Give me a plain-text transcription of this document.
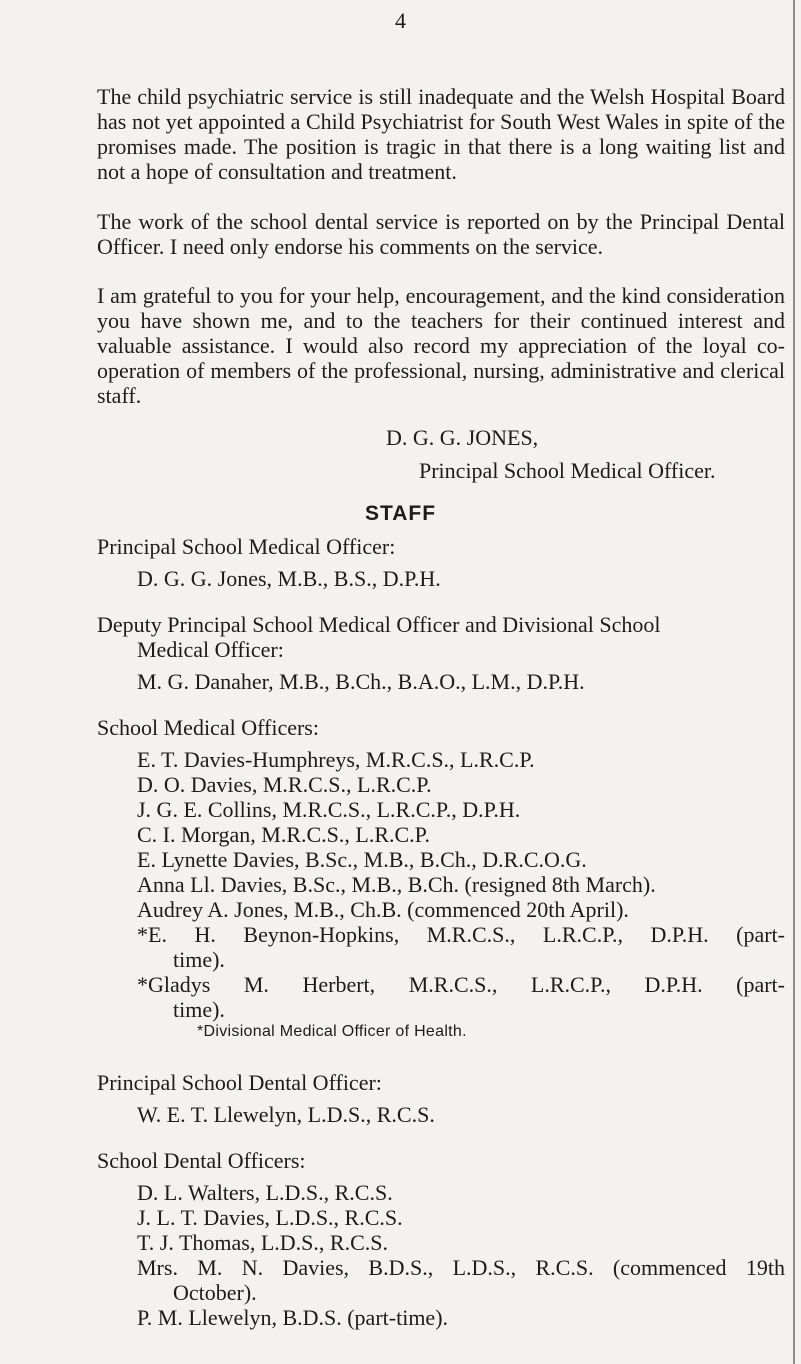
4
The child psychiatric service is still inadequate and the Welsh Hospital Board has not yet appointed a Child Psychiatrist for South West Wales in spite of the promises made. The position is tragic in that there is a long waiting list and not a hope of consultation and treatment.
The work of the school dental service is reported on by the Principal Dental Officer. I need only endorse his comments on the service.
I am grateful to you for your help, encouragement, and the kind consideration you have shown me, and to the teachers for their continued interest and valuable assistance. I would also record my appreciation of the loyal co-operation of members of the professional, nursing, administrative and clerical staff.
D. G. G. JONES,
Principal School Medical Officer.
STAFF
Principal School Medical Officer:
D. G. G. Jones, M.B., B.S., D.P.H.
Deputy Principal School Medical Officer and Divisional School
Medical Officer:
M. G. Danaher, M.B., B.Ch., B.A.O., L.M., D.P.H.
School Medical Officers:
E. T. Davies-Humphreys, M.R.C.S., L.R.C.P.
D. O. Davies, M.R.C.S., L.R.C.P.
J. G. E. Collins, M.R.C.S., L.R.C.P., D.P.H.
C. I. Morgan, M.R.C.S., L.R.C.P.
E. Lynette Davies, B.Sc., M.B., B.Ch., D.R.C.O.G.
Anna Ll. Davies, B.Sc., M.B., B.Ch. (resigned 8th March).
Audrey A. Jones, M.B., Ch.B. (commenced 20th April).
*E. H. Beynon-Hopkins, M.R.C.S., L.R.C.P., D.P.H. (part-
time).
*Gladys M. Herbert, M.R.C.S., L.R.C.P., D.P.H. (part-
time).
*Divisional Medical Officer of Health.
Principal School Dental Officer:
W. E. T. Llewelyn, L.D.S., R.C.S.
School Dental Officers:
D. L. Walters, L.D.S., R.C.S.
J. L. T. Davies, L.D.S., R.C.S.
T. J. Thomas, L.D.S., R.C.S.
Mrs. M. N. Davies, B.D.S., L.D.S., R.C.S. (commenced 19th
October).
P. M. Llewelyn, B.D.S. (part-time).
